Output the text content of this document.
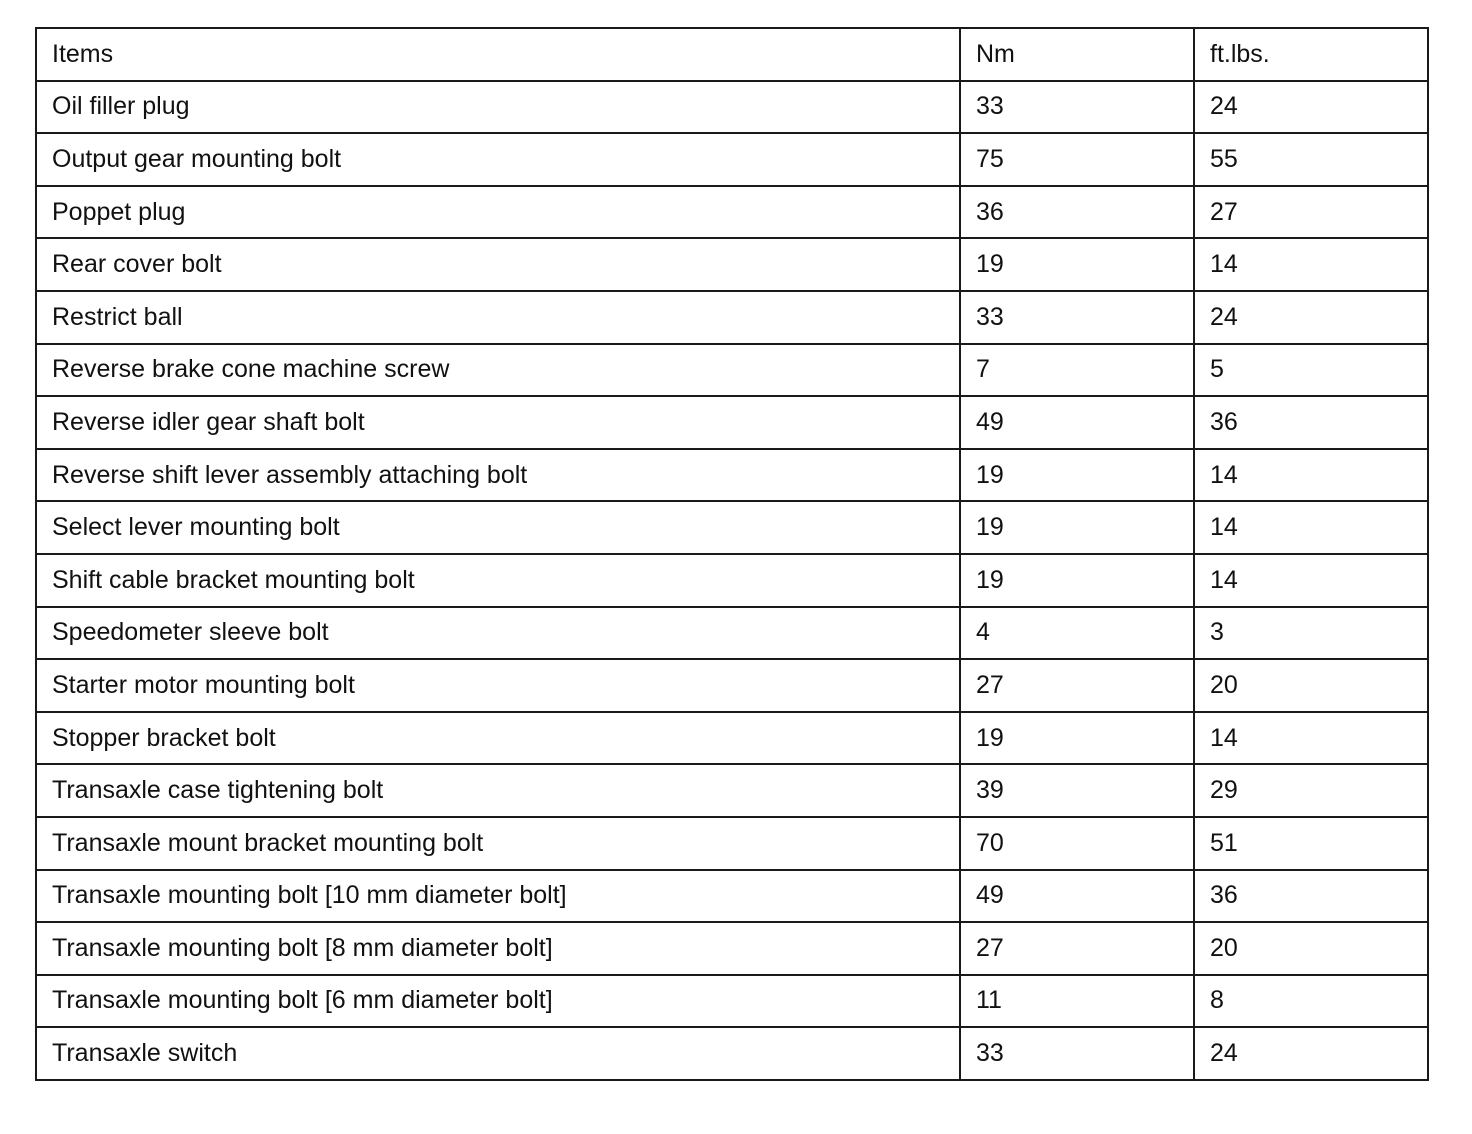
Items	Nm	ft.lbs.
Oil filler plug	33	24
Output gear mounting bolt	75	55
Poppet plug	36	27
Rear cover bolt	19	14
Restrict ball	33	24
Reverse brake cone machine screw	7	5
Reverse idler gear shaft bolt	49	36
Reverse shift lever assembly attaching bolt	19	14
Select lever mounting bolt	19	14
Shift cable bracket mounting bolt	19	14
Speedometer sleeve bolt	4	3
Starter motor mounting bolt	27	20
Stopper bracket bolt	19	14
Transaxle case tightening bolt	39	29
Transaxle mount bracket mounting bolt	70	51
Transaxle mounting bolt [10 mm diameter bolt]	49	36
Transaxle mounting bolt [8 mm diameter bolt]	27	20
Transaxle mounting bolt [6 mm diameter bolt]	11	8
Transaxle switch	33	24
